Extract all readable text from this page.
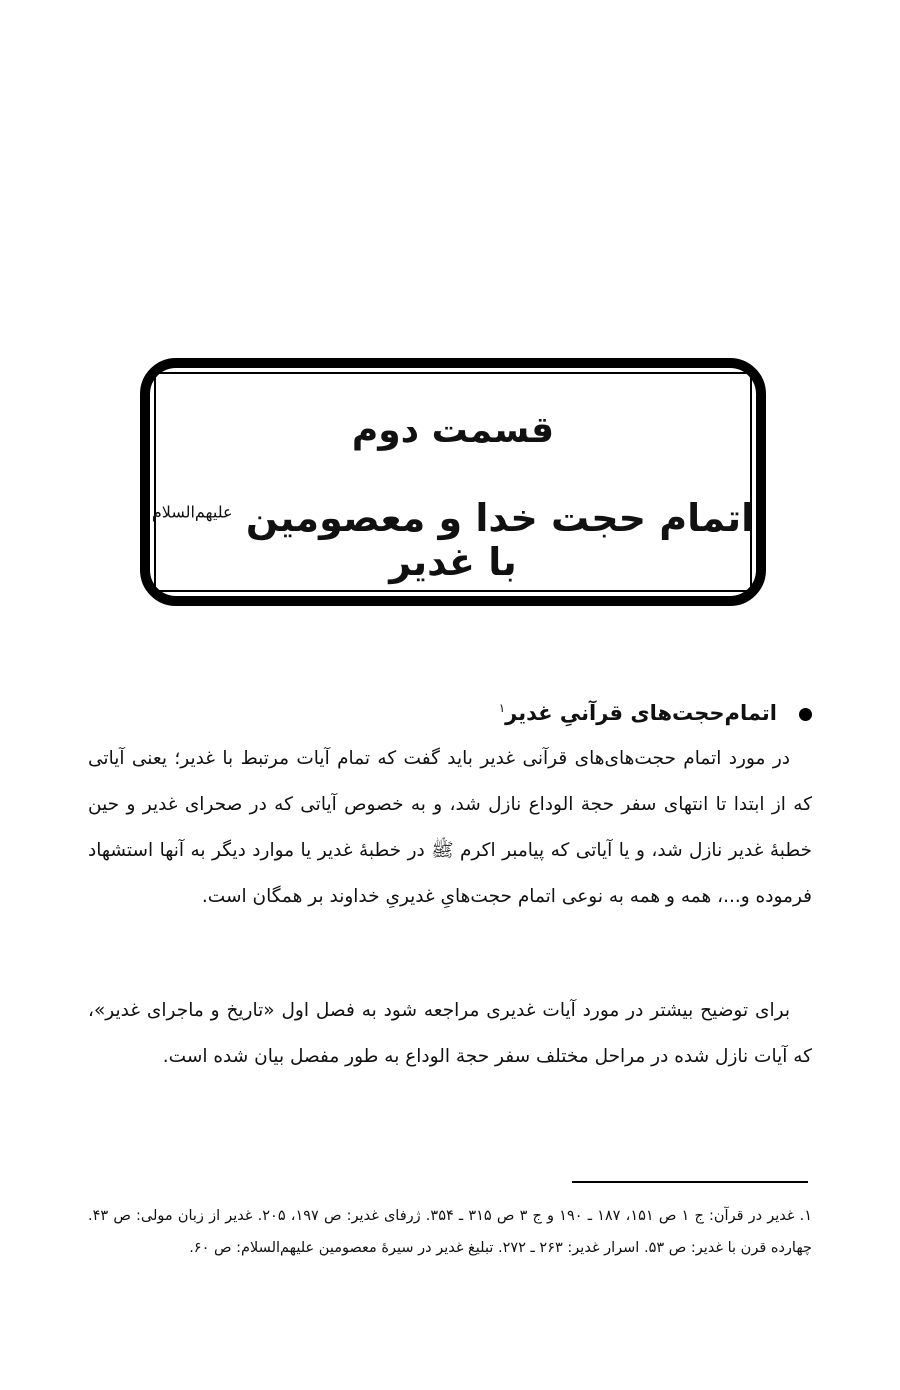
قسمت دوم
اتمام حجت خدا و معصومین $^{علیهم‌السلام}$ با غدیر
اتمام‌حجت‌های قرآنیِ غدیر$^۱$
در مورد اتمام حجت‌های‌های قرآنی غدیر باید گفت که تمام آیات مرتبط با غدیر؛ یعنی آیاتی که از ابتدا تا انتهای سفر حجة الوداع نازل شد، و به خصوص آیاتی که در صحرای غدیر و حین خطبۀ غدیر نازل شد، و یا آیاتی که پیامبر اکرم ﷺ در خطبۀ غدیر یا موارد دیگر به آنها استشهاد فرموده و...، همه و همه به نوعی اتمام حجت‌هایِ غدیریِ خداوند بر همگان است.
برای توضیح بیشتر در مورد آیات غدیری مراجعه شود به فصل اول «تاریخ و ماجرای غدیر»، که آیات نازل شده در مراحل مختلف سفر حجة الوداع به طور مفصل بیان شده است.
۱. غدیر در قرآن: ج ۱ ص ۱۵۱، ۱۸۷ ـ ۱۹۰ و ج ۳ ص ۳۱۵ ـ ۳۵۴. ژرفای غدیر: ص ۱۹۷، ۲۰۵. غدیر از زبان مولی: ص ۴۳. چهارده قرن با غدیر: ص ۵۳. اسرار غدیر: ۲۶۳ ـ ۲۷۲. تبلیغ غدیر در سیرۀ معصومین علیهم‌السلام: ص ۶۰.
